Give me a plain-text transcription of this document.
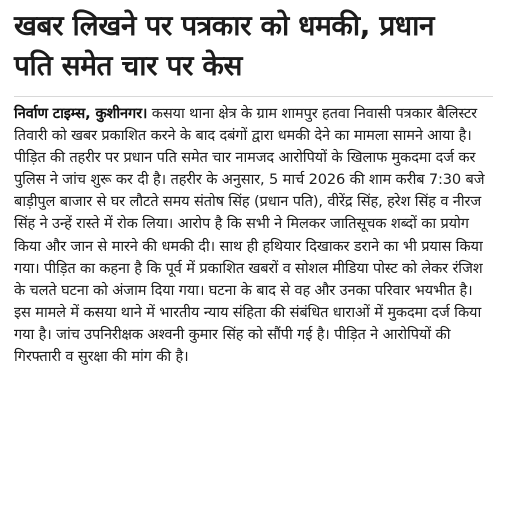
खबर लिखने पर पत्रकार को धमकी, प्रधान
पति समेत चार पर केस

निर्वाण टाइम्स, कुशीनगर। कसया थाना क्षेत्र के ग्राम शामपुर हतवा निवासी पत्रकार बैलिस्टर तिवारी को खबर प्रकाशित करने के बाद दबंगों द्वारा धमकी देने का मामला सामने आया है। पीड़ित की तहरीर पर प्रधान पति समेत चार नामजद आरोपियों के खिलाफ मुकदमा दर्ज कर पुलिस ने जांच शुरू कर दी है। तहरीर के अनुसार, 5 मार्च 2026 की शाम करीब 7:30 बजे बाड़ीपुल बाजार से घर लौटते समय संतोष सिंह (प्रधान पति), वीरेंद्र सिंह, हरेश सिंह व नीरज सिंह ने उन्हें रास्ते में रोक लिया। आरोप है कि सभी ने मिलकर जातिसूचक शब्दों का प्रयोग किया और जान से मारने की धमकी दी। साथ ही हथियार दिखाकर डराने का भी प्रयास किया गया। पीड़ित का कहना है कि पूर्व में प्रकाशित खबरों व सोशल मीडिया पोस्ट को लेकर रंजिश के चलते घटना को अंजाम दिया गया। घटना के बाद से वह और उनका परिवार भयभीत है। इस मामले में कसया थाने में भारतीय न्याय संहिता की संबंधित धाराओं में मुकदमा दर्ज किया गया है। जांच उपनिरीक्षक अश्वनी कुमार सिंह को सौंपी गई है। पीड़ित ने आरोपियों की गिरफ्तारी व सुरक्षा की मांग की है।
